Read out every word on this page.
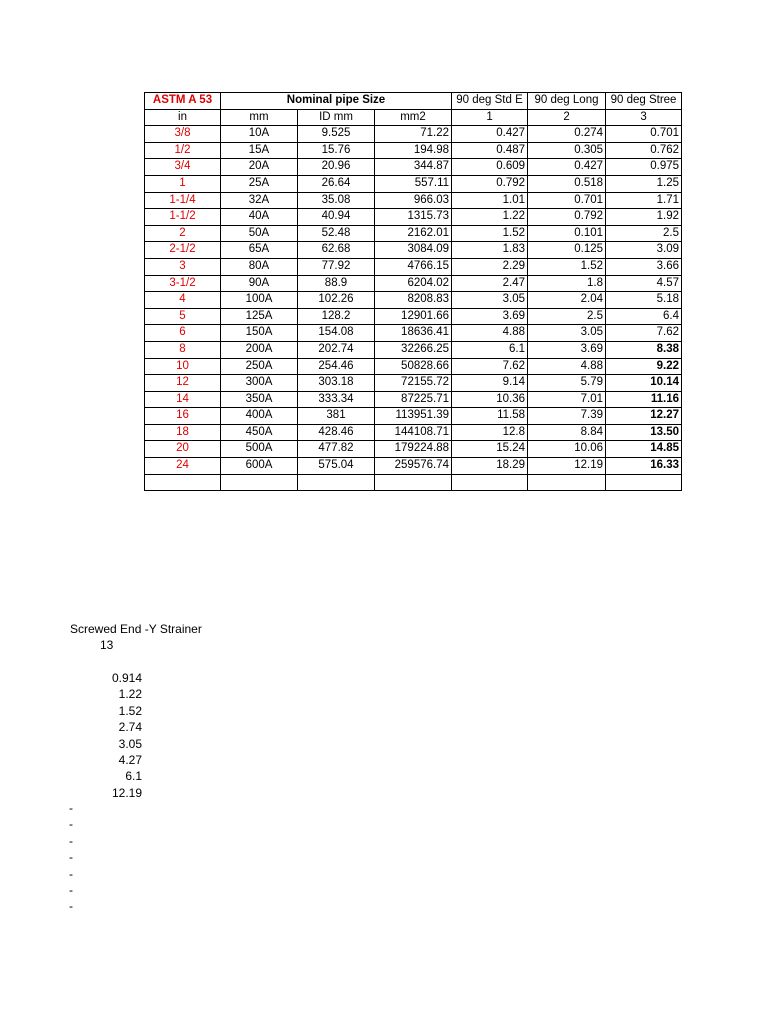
ASTM A 53	Nominal pipe Size			90 deg Std E	90 deg Long	90 deg Stree
in	mm	ID mm	mm2	1	2	3
3/8	10A	9.525	71.22	0.427	0.274	0.701
1/2	15A	15.76	194.98	0.487	0.305	0.762
3/4	20A	20.96	344.87	0.609	0.427	0.975
1	25A	26.64	557.11	0.792	0.518	1.25
1-1/4	32A	35.08	966.03	1.01	0.701	1.71
1-1/2	40A	40.94	1315.73	1.22	0.792	1.92
2	50A	52.48	2162.01	1.52	0.101	2.5
2-1/2	65A	62.68	3084.09	1.83	0.125	3.09
3	80A	77.92	4766.15	2.29	1.52	3.66
3-1/2	90A	88.9	6204.02	2.47	1.8	4.57
4	100A	102.26	8208.83	3.05	2.04	5.18
5	125A	128.2	12901.66	3.69	2.5	6.4
6	150A	154.08	18636.41	4.88	3.05	7.62
8	200A	202.74	32266.25	6.1	3.69	8.38
10	250A	254.46	50828.66	7.62	4.88	9.22
12	300A	303.18	72155.72	9.14	5.79	10.14
14	350A	333.34	87225.71	10.36	7.01	11.16
16	400A	381	113951.39	11.58	7.39	12.27
18	450A	428.46	144108.71	12.8	8.84	13.50
20	500A	477.82	179224.88	15.24	10.06	14.85
24	600A	575.04	259576.74	18.29	12.19	16.33

Screwed End -Y Strainer
13
0.914
1.22
1.52
2.74
3.05
4.27
6.1
12.19
-
-
-
-
-
-
-
